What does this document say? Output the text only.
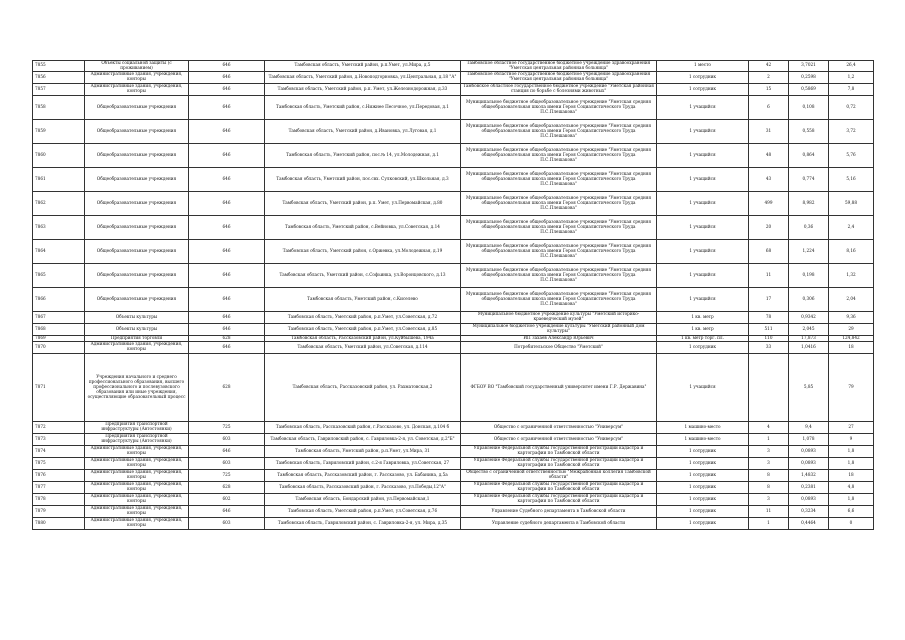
7855	Объекты социальной защиты (с проживанием)	646	Тамбовская область, Уметский район, р.п.Умет, ул.Мира, д.5	Тамбовское областное государственное бюджетное учреждение здравоохранения "Уметская центральная районная больница"	1 место	42	3,7021	26,4
7856	Административные здания, учреждения, конторы	646	Тамбовская область, Уметский район, д.Новоподгорновка, ул.Центральная, д.18 "А"	Тамбовское областное государственное бюджетное учреждение здравоохранения "Уметская центральная районная больница"	1 сотрудник	2	0,2598	1,2
7857	Административные здания, учреждения, конторы	646	Тамбовская область, Уметский район, р.п. Умет, ул.Железнодорожная, д.33	Тамбовское областное государственное бюджетное учреждение "Уметская районная станция по борьбе с болезнями животных"	1 сотрудник	15	0,5869	7,8
7858	Общеобразовательные учреждения	646	Тамбовская область, Уметский район, с.Нижнее Песочное, ул.Передовая, д.1	Муниципальное бюджетное общеобразовательное учреждение "Уметская средняя общеобразовательная школа имени Героя Социалистического Труда П.С.Плешакова"	1 учащийся	6	0,108	0,72
7859	Общеобразовательные учреждения	646	Тамбовская область, Уметский район, д.Ивановка, ул.Луговая, д.1	Муниципальное бюджетное общеобразовательное учреждение "Уметская средняя общеобразовательная школа имени Героя Социалистического Труда П.С.Плешакова"	1 учащийся	31	0,558	3,72
7860	Общеобразовательные учреждения	646	Тамбовская область, Уметский район, пос.№ 14, ул.Молодежная, д.1	Муниципальное бюджетное общеобразовательное учреждение "Уметская средняя общеобразовательная школа имени Героя Социалистического Труда П.С.Плешакова"	1 учащийся	48	0,864	5,76
7861	Общеобразовательные учреждения	646	Тамбовская область, Уметский район, пос.свх. Сулковский, ул.Школьная, д.3	Муниципальное бюджетное общеобразовательное учреждение "Уметская средняя общеобразовательная школа имени Героя Социалистического Труда П.С.Плешакова"	1 учащийся	43	0,774	5,16
7862	Общеобразовательные учреждения	646	Тамбовская область, Уметский район, р.п. Умет, ул.Первомайская, д.80	Муниципальное бюджетное общеобразовательное учреждение "Уметская средняя общеобразовательная школа имени Героя Социалистического Труда П.С.Плешакова"	1 учащийся	499	8,982	59,88
7863	Общеобразовательные учреждения	646	Тамбовская область, Уметский район, с.Вейновка, ул.Советская, д.14	Муниципальное бюджетное общеобразовательное учреждение "Уметская средняя общеобразовательная школа имени Героя Социалистического Труда П.С.Плешакова"	1 учащийся	20	0,36	2,4
7864	Общеобразовательные учреждения	646	Тамбовская область, Уметский район, с.Оржевка, ул.Молодежная, д.19	Муниципальное бюджетное общеобразовательное учреждение "Уметская средняя общеобразовательная школа имени Героя Социалистического Труда П.С.Плешакова"	1 учащийся	68	1,224	8,16
7865	Общеобразовательные учреждения	646	Тамбовская область, Уметский район, с.Софьинка, ул.Воронцовского, д.13	Муниципальное бюджетное общеобразовательное учреждение "Уметская средняя общеобразовательная школа имени Героя Социалистического Труда П.С.Плешакова"	1 учащийся	11	0,198	1,32
7866	Общеобразовательные учреждения	646	Тамбовская область, Уметский район, с.Киселево	Муниципальное бюджетное общеобразовательное учреждение "Уметская средняя общеобразовательная школа имени Героя Социалистического Труда П.С.Плешакова"	1 учащийся	17	0,306	2,04
7867	Объекты культуры	646	Тамбовская область, Уметский район, р.п.Умет, ул.Советская, д.72	Муниципальное бюджетное учреждение культуры "Уметский историко-краеведческий музей"	1 кв. метр	78	0,9342	9,36
7868	Объекты культуры	646	Тамбовская область, Уметский район, р.п.Умет, ул.Советская, д.85	Муниципальное бюджетное учреждение культуры "Уметский районный Дом культуры"	1 кв. метр	511	2,045	29
7869	Предприятия торговли	628	Тамбовская область, Рассказовский район, ул.Куйбышева, 194а	ИП Захаев Александр Юрьевич	1 кв. метр торг. пл.	110	17,873	124,842
7870	Административные здания, учреждения, конторы	646	Тамбовская область, Уметский район, ул.Советская, д.114	Потребительское Общество "Уметский"	1 сотрудник	33	1,0416	18
7871	Учреждения начального и среднего профессионального образования, высшего профессионального и послевузовского образования или иные учреждения, осуществляющие образовательный процесс	628	Тамбовская область, Рассказовский район, ул. Рахматовская,2	ФГБОУ ВО "Тамбовский государственный университет имени Г.Р. Державина"	1 учащийся		5,85	79
7872	Предприятия транспортной инфраструктуры (Автостоянки)	725	Тамбовская область, Рассказовский район, г.Рассказово, ул. Донская, д.104 б	Общество с ограниченной ответственностью "Универсум"	1 машино-место	4	9,4	27
7873	Предприятия транспортной инфраструктуры (Автостоянки)	603	Тамбовская область, Гавриловский район, с. Гавриловка-2-я, ул. Советская, д.2"Б"	Общество с ограниченной ответственностью "Универсум"	1 машино-место	1	1,078	9
7874	Административные здания, учреждения, конторы	646	Тамбовская область, Уметский район, р.п.Умет, ул.Мира, 31	Управление Федеральной службы государственной регистрации кадастра и картографии по Тамбовской области	1 сотрудник	3	0,0893	1,8
7875	Административные здания, учреждения, конторы	603	Тамбовская область, Гавриловский район, с.2-я Гавриловка, ул.Советская, 27	Управление Федеральной службы государственной регистрации кадастра и картографии по Тамбовской области	1 сотрудник	3	0,0893	1,8
7876	Административные здания, учреждения, конторы	725	Тамбовская область, Рассказовский район, г. Рассказово, ул. Бабанина, д.5а	Общество с ограниченной ответственностью "Межрайонная коллегия Тамбовской области"	1 сотрудник	8	1,4832	18
7877	Административные здания, учреждения, конторы	628	Тамбовская область, Рассказовский район, г. Рассказово, ул.Победы,12"А"	Управление Федеральной службы государственной регистрации кадастра и картографии по Тамбовской области	1 сотрудник	8	0,2381	4,8
7878	Административные здания, учреждения, конторы	602	Тамбовская область, Бондарский район, ул.Первомайская,1	Управление Федеральной службы государственной регистрации кадастра и картографии по Тамбовской области	1 сотрудник	3	0,0893	1,8
7879	Административные здания, учреждения, конторы	646	Тамбовская область, Уметский район, р.п.Умет, ул.Советская, д.76	Управление Судебного департамента в Тамбовской области	1 сотрудник	11	0,3234	6,6
7880	Административные здания, учреждения, конторы	603	Тамбовская область, Гавриловский район, с. Гавриловка-2-я, ул. Мира, д.35	Управление судебного департамента в Тамбовской области	1 сотрудник	1	0,4464	0
